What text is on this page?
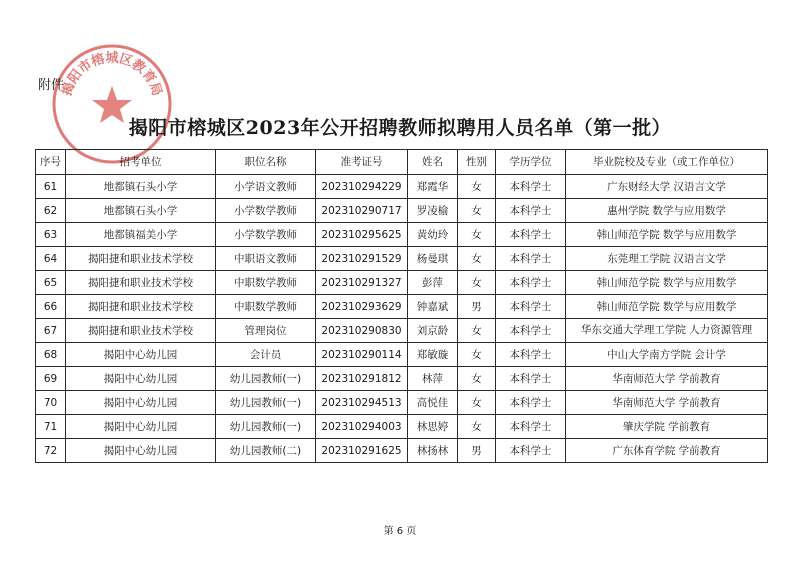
揭阳市榕城区教育局
附件
揭阳市榕城区2023年公开招聘教师拟聘用人员名单（第一批）
序号	招考单位	职位名称	准考证号	姓名	性别	学历学位	毕业院校及专业（或工作单位）
61	地都镇石头小学	小学语文教师	202310294229	郑霞华	女	本科学士	广东财经大学 汉语言文学
62	地都镇石头小学	小学数学教师	202310290717	罗凌榆	女	本科学士	惠州学院 数学与应用数学
63	地都镇福美小学	小学数学教师	202310295625	黄幼玲	女	本科学士	韩山师范学院 数学与应用数学
64	揭阳捷和职业技术学校	中职语文教师	202310291529	杨曼琪	女	本科学士	东莞理工学院 汉语言文学
65	揭阳捷和职业技术学校	中职数学教师	202310291327	彭萍	女	本科学士	韩山师范学院 数学与应用数学
66	揭阳捷和职业技术学校	中职数学教师	202310293629	钟嘉斌	男	本科学士	韩山师范学院 数学与应用数学
67	揭阳捷和职业技术学校	管理岗位	202310290830	刘京龄	女	本科学士	华东交通大学理工学院 人力资源管理
68	揭阳中心幼儿园	会计员	202310290114	郑敏璇	女	本科学士	中山大学南方学院 会计学
69	揭阳中心幼儿园	幼儿园教师(一)	202310291812	林萍	女	本科学士	华南师范大学 学前教育
70	揭阳中心幼儿园	幼儿园教师(一)	202310294513	高悦佳	女	本科学士	华南师范大学 学前教育
71	揭阳中心幼儿园	幼儿园教师(一)	202310294003	林思婷	女	本科学士	肇庆学院 学前教育
72	揭阳中心幼儿园	幼儿园教师(二)	202310291625	林扬林	男	本科学士	广东体育学院 学前教育
第 6 页
